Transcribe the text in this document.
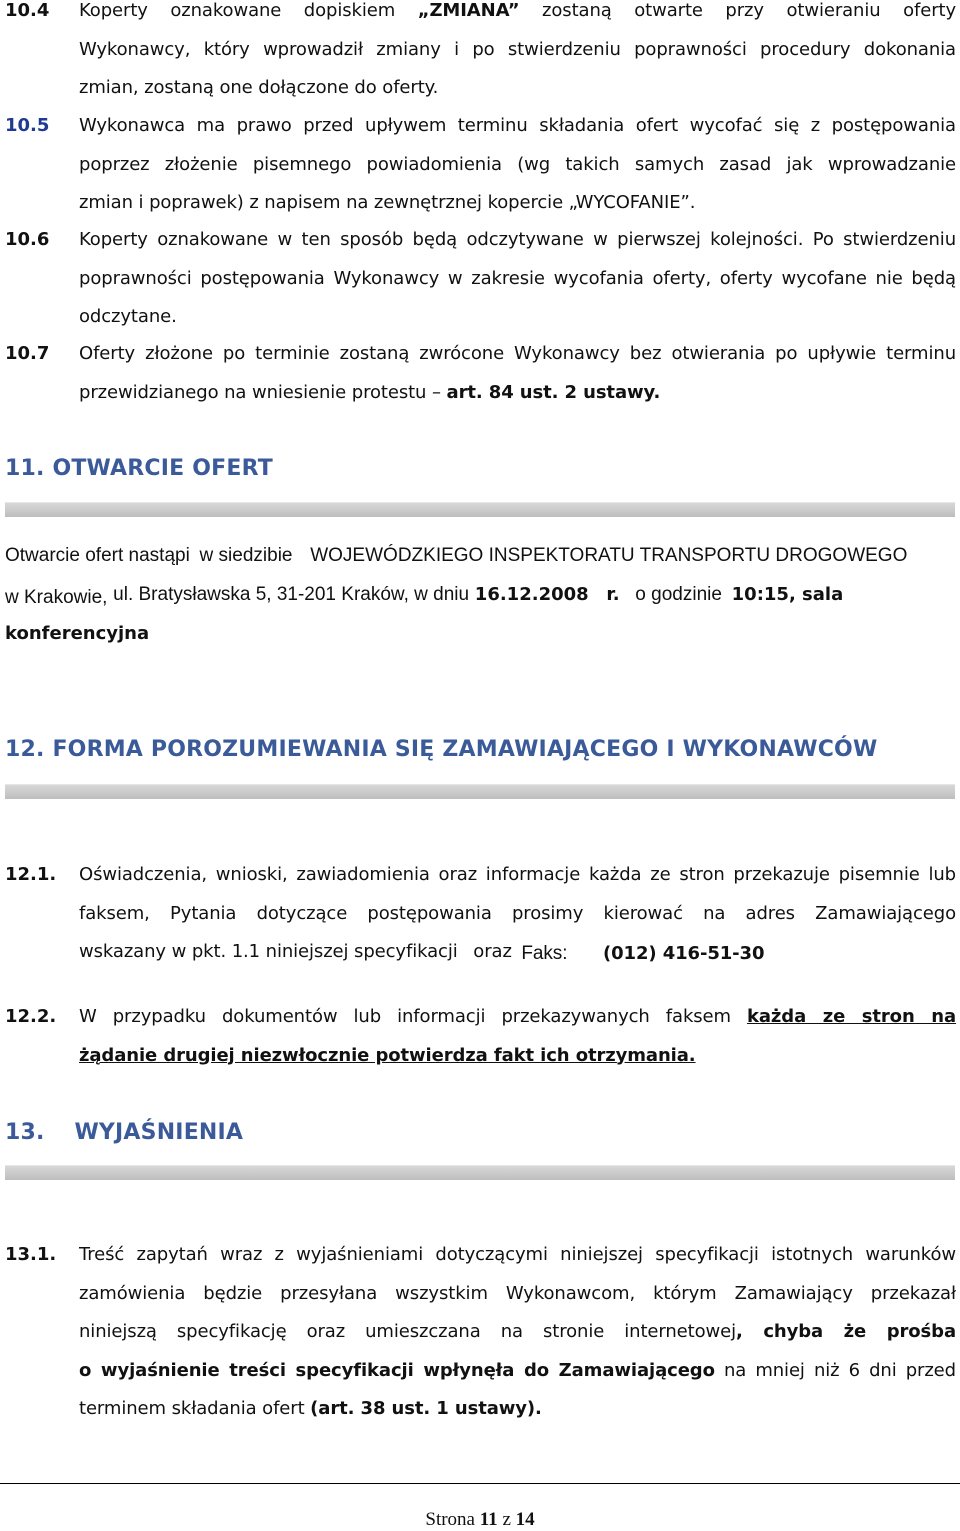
10.4 Koperty oznakowane dopiskiem „ZMIANA” zostaną otwarte przy otwieraniu oferty
Wykonawcy, który wprowadził zmiany i po stwierdzeniu poprawności procedury dokonania
zmian, zostaną one dołączone do oferty.
10.5 Wykonawca ma prawo przed upływem terminu składania ofert wycofać się z postępowania
poprzez złożenie pisemnego powiadomienia (wg takich samych zasad jak wprowadzanie
zmian i poprawek) z napisem na zewnętrznej kopercie „WYCOFANIE”.
10.6 Koperty oznakowane w ten sposób będą odczytywane w pierwszej kolejności. Po stwierdzeniu
poprawności postępowania Wykonawcy w zakresie wycofania oferty, oferty wycofane nie będą
odczytane.
10.7 Oferty złożone po terminie zostaną zwrócone Wykonawcy bez otwierania po upływie terminu
przewidzianego na wniesienie protestu – art. 84 ust. 2 ustawy.
11. OTWARCIE OFERT
Otwarcie ofert nastąpi w siedzibie WOJEWÓDZKIEGO INSPEKTORATU TRANSPORTU DROGOWEGO
w Krakowie, ul. Bratysławska 5, 31-201 Kraków, w dniu 16.12.2008 r. o godzinie 10:15, sala
konferencyjna
12. FORMA POROZUMIEWANIA SIĘ ZAMAWIAJĄCEGO I WYKONAWCÓW
12.1. Oświadczenia, wnioski, zawiadomienia oraz informacje każda ze stron przekazuje pisemnie lub
faksem, Pytania dotyczące postępowania prosimy kierować na adres Zamawiającego
wskazany w pkt. 1.1 niniejszej specyfikacji oraz Faks: (012) 416-51-30
12.2. W przypadku dokumentów lub informacji przekazywanych faksem każda ze stron na
żądanie drugiej niezwłocznie potwierdza fakt ich otrzymania.
13. WYJAŚNIENIA
13.1. Treść zapytań wraz z wyjaśnieniami dotyczącymi niniejszej specyfikacji istotnych warunków
zamówienia będzie przesyłana wszystkim Wykonawcom, którym Zamawiający przekazał
niniejszą specyfikację oraz umieszczana na stronie internetowej, chyba że prośba
o wyjaśnienie treści specyfikacji wpłynęła do Zamawiającego na mniej niż 6 dni przed
terminem składania ofert (art. 38 ust. 1 ustawy).
Strona 11 z 14
